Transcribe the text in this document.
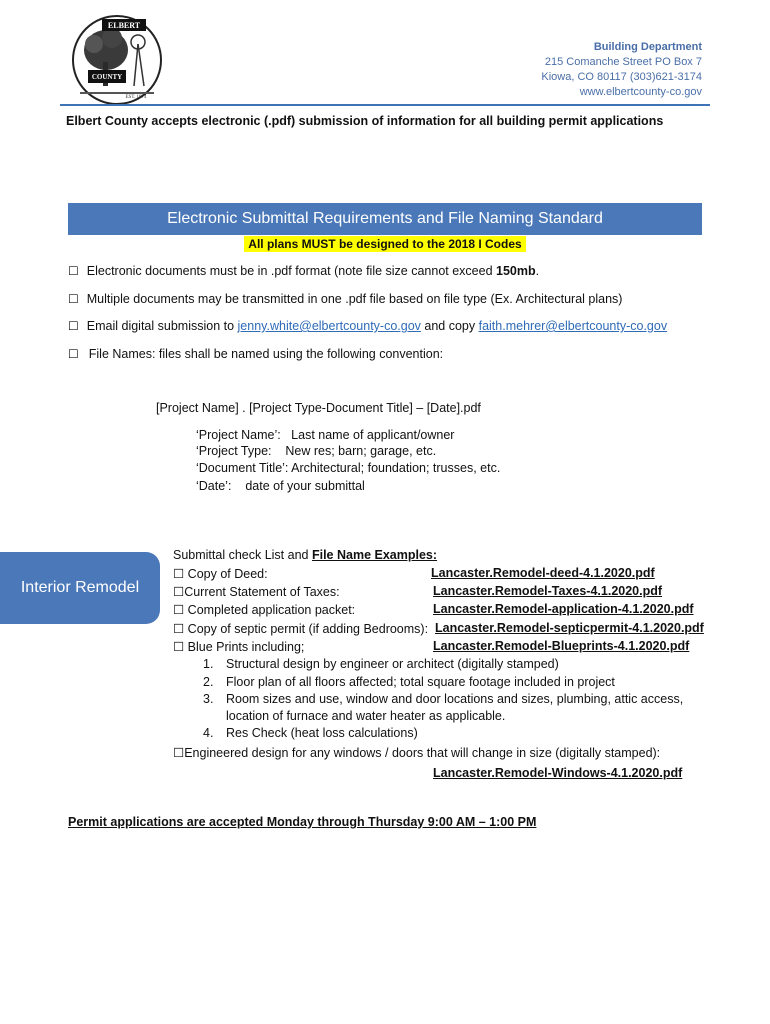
ELBERT
COUNTY
EST. 1874
Building Department
215 Comanche Street PO Box 7
Kiowa, CO 80117 (303)621-3174
www.elbertcounty-co.gov
Elbert County accepts electronic (.pdf) submission of information for all building permit applications
Electronic Submittal Requirements and File Naming Standard
All plans MUST be designed to the 2018 I Codes
☐ Electronic documents must be in .pdf format (note file size cannot exceed 150mb.
☐ Multiple documents may be transmitted in one .pdf file based on file type (Ex. Architectural plans)
☐ Email digital submission to jenny.white@elbertcounty-co.gov and copy faith.mehrer@elbertcounty-co.gov
☐ File Names: files shall be named using the following convention:
[Project Name] . [Project Type-Document Title] – [Date].pdf
‘Project Name’:   Last name of applicant/owner
‘Project Type:    New res; barn; garage, etc.
‘Document Title’: Architectural; foundation; trusses, etc.
‘Date’:    date of your submittal
Interior Remodel
Submittal check List and File Name Examples:
☐ Copy of Deed:	Lancaster.Remodel-deed-4.1.2020.pdf
☐Current Statement of Taxes:	Lancaster.Remodel-Taxes-4.1.2020.pdf
☐ Completed application packet:	Lancaster.Remodel-application-4.1.2020.pdf
☐ Copy of septic permit (if adding Bedrooms): Lancaster.Remodel-septicpermit-4.1.2020.pdf
☐ Blue Prints including;	Lancaster.Remodel-Blueprints-4.1.2020.pdf
1. Structural design by engineer or architect (digitally stamped)
2. Floor plan of all floors affected; total square footage included in project
3. Room sizes and use, window and door locations and sizes, plumbing, attic access,
location of furnace and water heater as applicable.
4. Res Check (heat loss calculations)
☐Engineered design for any windows / doors that will change in size (digitally stamped):
Lancaster.Remodel-Windows-4.1.2020.pdf
Permit applications are accepted Monday through Thursday 9:00 AM – 1:00 PM
